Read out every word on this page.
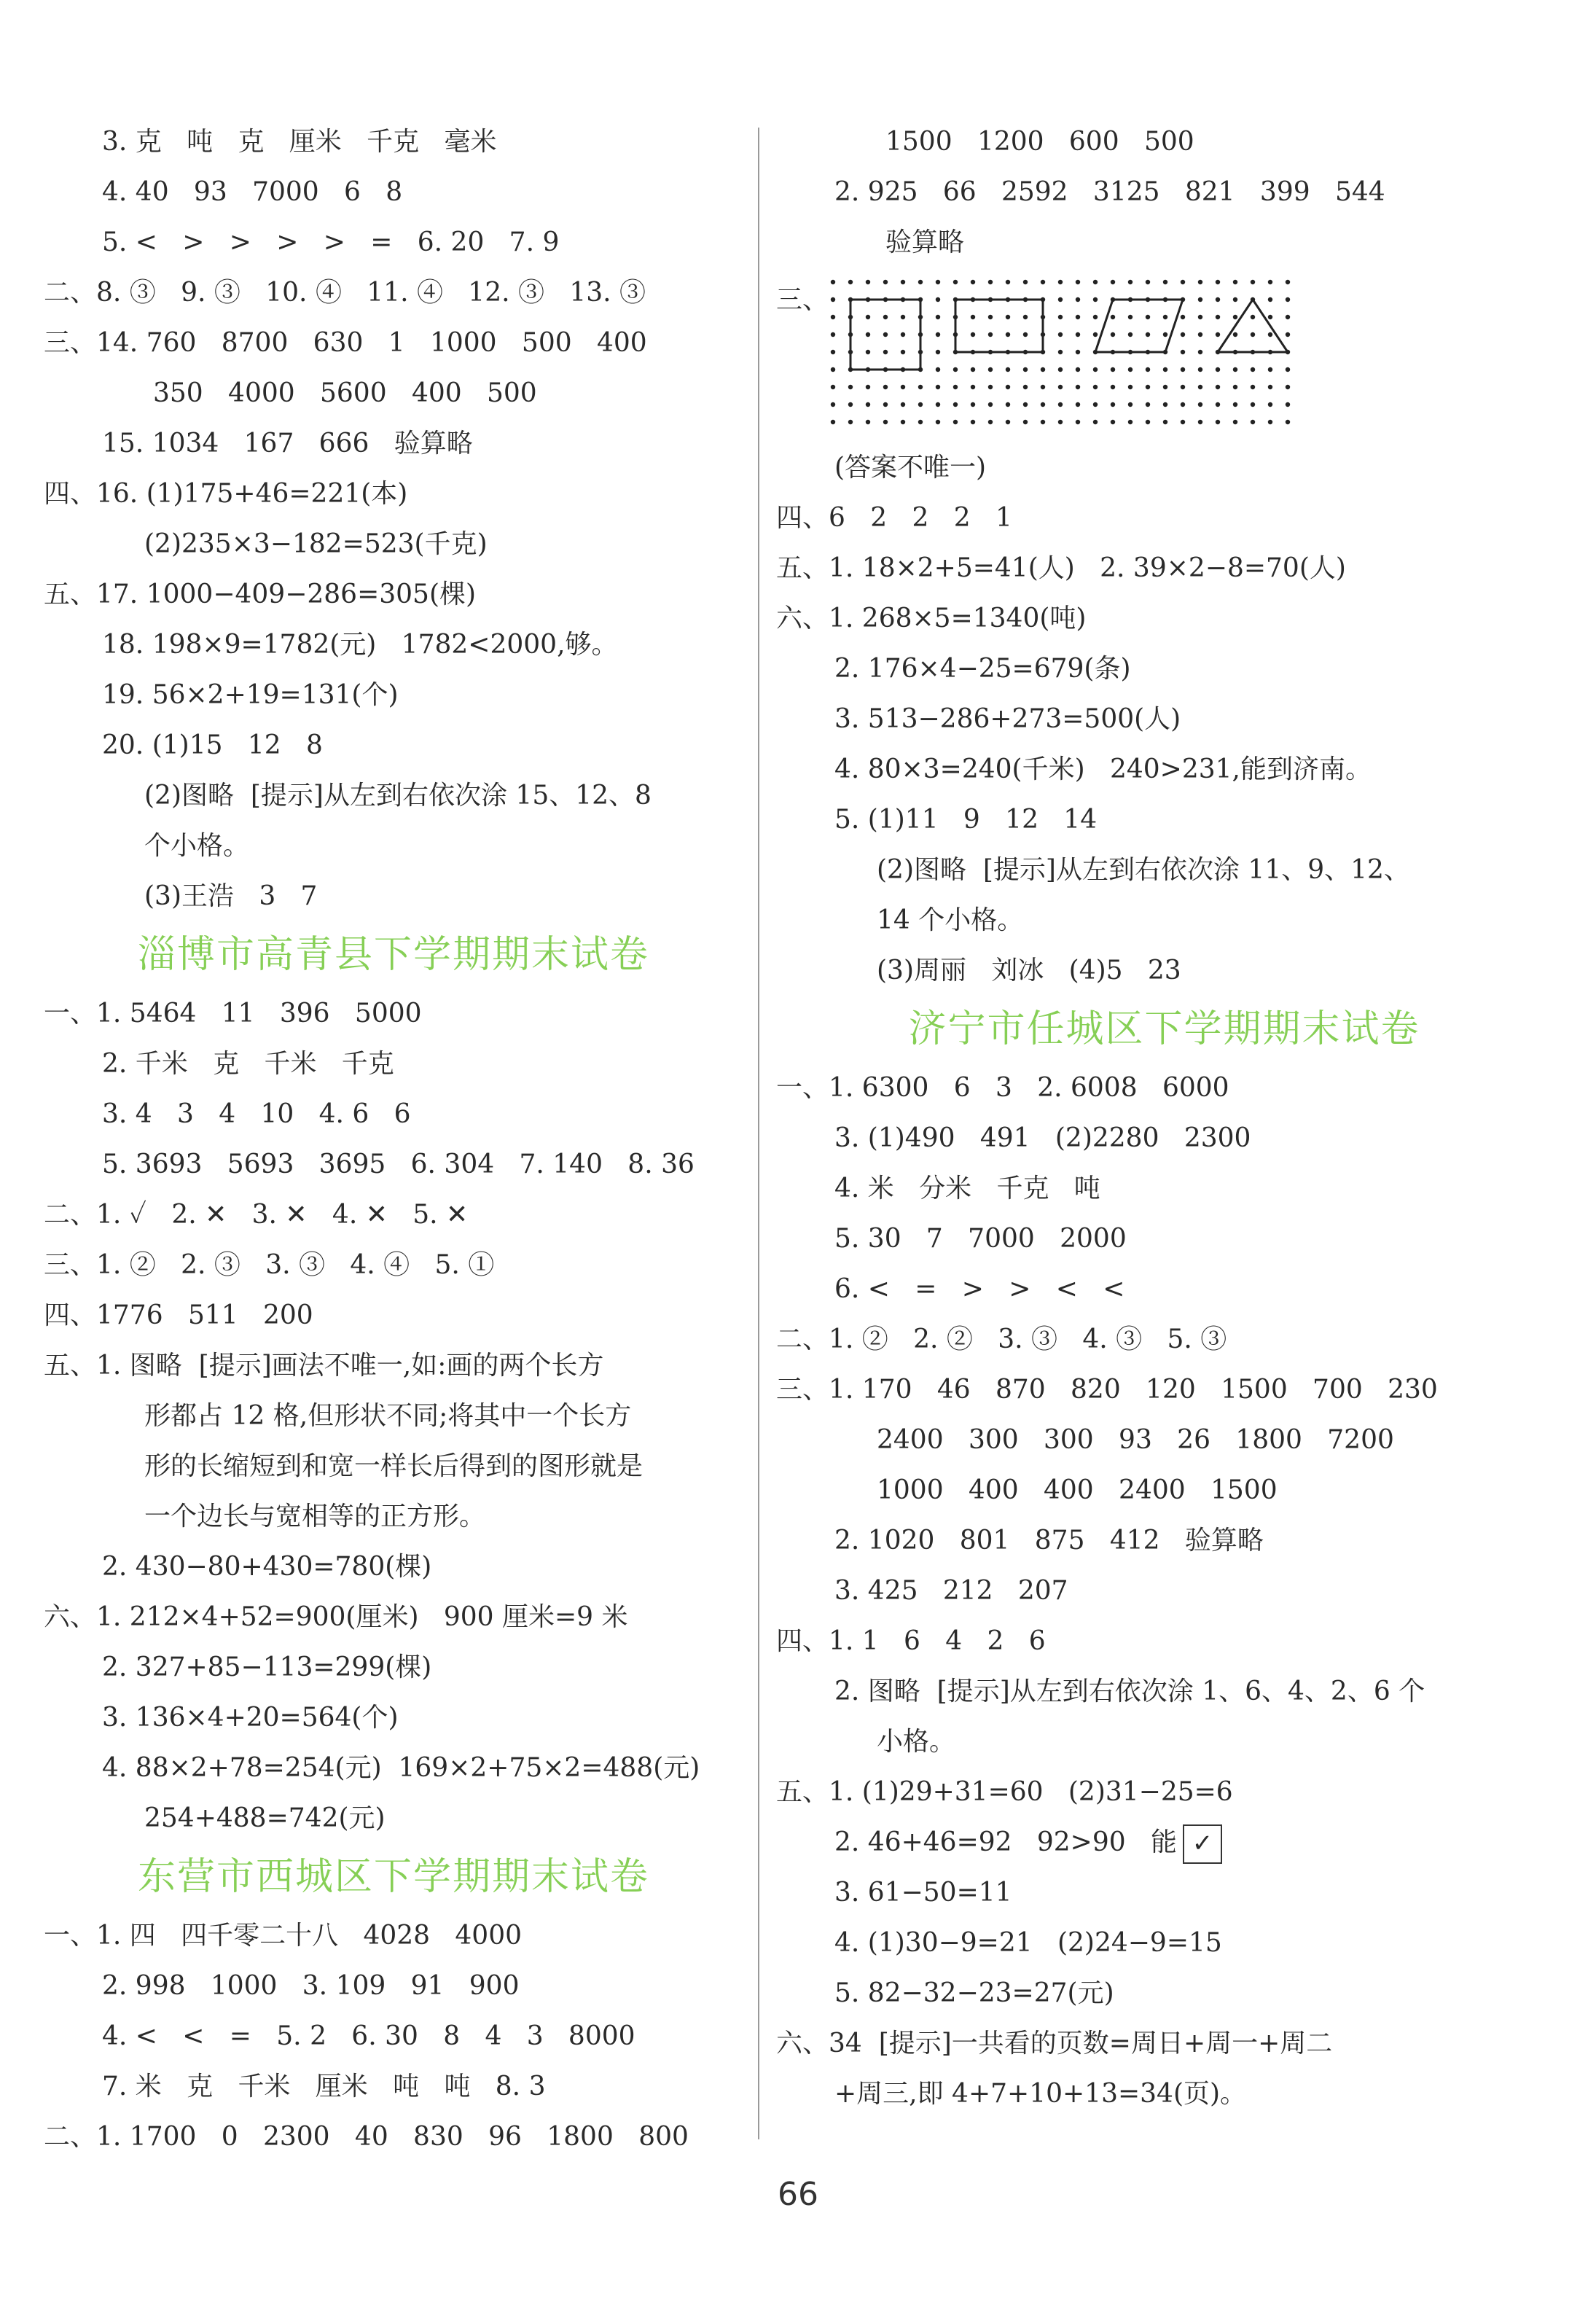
3. 克   吨   克   厘米   千克   毫米
4. 40   93   7000   6   8
5. <   >   >   >   >   =   6. 20   7. 9
二、8. ③   9. ③   10. ④   11. ④   12. ③   13. ③
三、14. 760   8700   630   1   1000   500   400
350   4000   5600   400   500
15. 1034   167   666   验算略
四、16. (1)175+46=221(本)
(2)235×3−182=523(千克)
五、17. 1000−409−286=305(棵)
18. 198×9=1782(元)   1782<2000,够。
19. 56×2+19=131(个)
20. (1)15   12   8
(2)图略  [提示]从左到右依次涂 15、12、8
个小格。
(3)王浩   3   7
淄博市高青县下学期期末试卷
一、1. 5464   11   396   5000
2. 千米   克   千米   千克
3. 4   3   4   10   4. 6   6
5. 3693   5693   3695   6. 304   7. 140   8. 36
二、1. ✓   2. ✕   3. ✕   4. ✕   5. ✕
三、1. ②   2. ③   3. ③   4. ④   5. ①
四、1776   511   200
五、1. 图略  [提示]画法不唯一,如:画的两个长方
形都占 12 格,但形状不同;将其中一个长方
形的长缩短到和宽一样长后得到的图形就是
一个边长与宽相等的正方形。
2. 430−80+430=780(棵)
六、1. 212×4+52=900(厘米)   900 厘米=9 米
2. 327+85−113=299(棵)
3. 136×4+20=564(个)
4. 88×2+78=254(元)  169×2+75×2=488(元)
254+488=742(元)
东营市西城区下学期期末试卷
一、1. 四   四千零二十八   4028   4000
2. 998   1000   3. 109   91   900
4. <   <   =   5. 2   6. 30   8   4   3   8000
7. 米   克   千米   厘米   吨   吨   8. 3
二、1. 1700   0   2300   40   830   96   1800   800
1500   1200   600   500
2. 925   66   2592   3125   821   399   544
验算略
三、
(答案不唯一)
四、6   2   2   2   1
五、1. 18×2+5=41(人)   2. 39×2−8=70(人)
六、1. 268×5=1340(吨)
2. 176×4−25=679(条)
3. 513−286+273=500(人)
4. 80×3=240(千米)   240>231,能到济南。
5. (1)11   9   12   14
(2)图略  [提示]从左到右依次涂 11、9、12、
14 个小格。
(3)周丽   刘冰   (4)5   23
济宁市任城区下学期期末试卷
一、1. 6300   6   3   2. 6008   6000
3. (1)490   491   (2)2280   2300
4. 米   分米   千克   吨
5. 30   7   7000   2000
6. <   =   >   >   <   <
二、1. ②   2. ②   3. ③   4. ③   5. ③
三、1. 170   46   870   820   120   1500   700   230
2400   300   300   93   26   1800   7200
1000   400   400   2400   1500
2. 1020   801   875   412   验算略
3. 425   212   207
四、1. 1   6   4   2   6
2. 图略  [提示]从左到右依次涂 1、6、4、2、6 个
小格。
五、1. (1)29+31=60   (2)31−25=6
2. 46+46=92   92>90   能 ✓
3. 61−50=11
4. (1)30−9=21   (2)24−9=15
5. 82−32−23=27(元)
六、34  [提示]一共看的页数=周日+周一+周二
+周三,即 4+7+10+13=34(页)。
66
